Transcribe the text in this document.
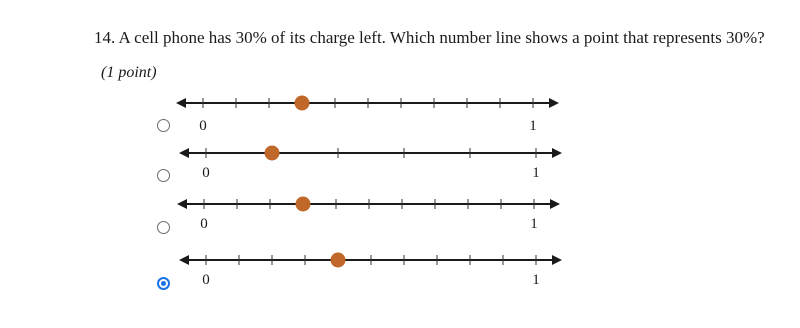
14. A cell phone has 30% of its charge left. Which number line shows a point that represents 30%?
(1 point)
0	1
0	1
0	1
0	1
